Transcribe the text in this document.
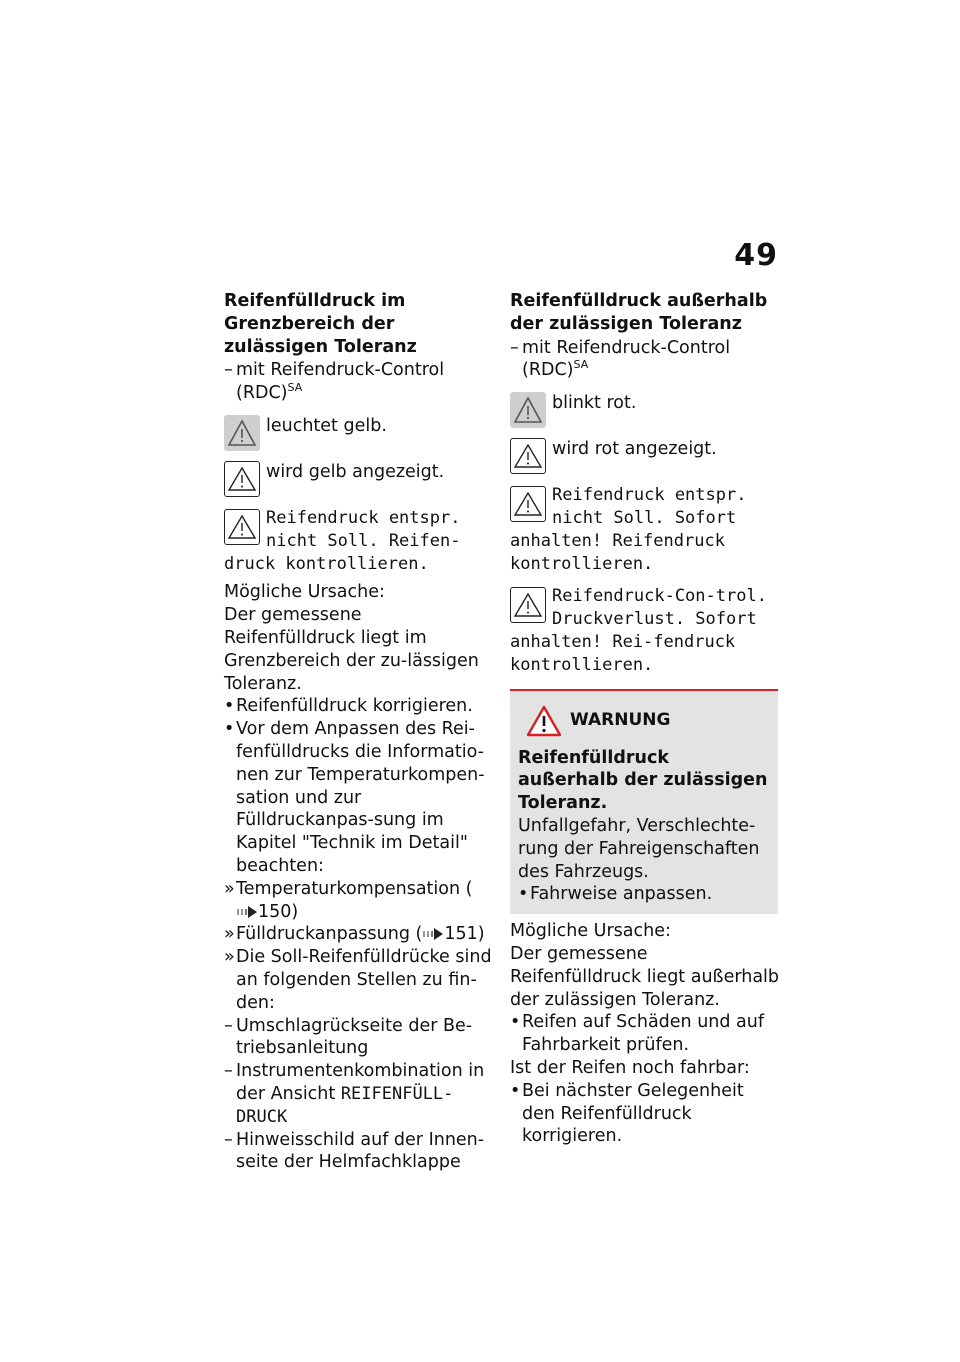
49
Reifenfülldruck im Grenzbereich der zulässigen Toleranz
– mit Reifendruck-Control (RDC)$^{SA}$
leuchtet gelb.
wird gelb angezeigt.
Reifendruck entspr. nicht Soll. Reifen-druck kontrollieren.
Mögliche Ursache:
Der gemessene Reifenfülldruck liegt im Grenzbereich der zu-lässigen Toleranz.
• Reifenfülldruck korrigieren.
• Vor dem Anpassen des Rei-fenfülldrucks die Informatio-nen zur Temperaturkompen-sation und zur Fülldruckanpas-sung im Kapitel "Technik im Detail" beachten:
» Temperaturkompensation (150)
» Fülldruckanpassung ( 151)
» Die Soll-Reifenfülldrücke sind an folgenden Stellen zu fin-den:
– Umschlagrückseite der Be-triebsanleitung
– Instrumentenkombination in der Ansicht REIFENFÜLL-DRUCK
– Hinweisschild auf der Innen-seite der Helmfachklappe
Reifenfülldruck außerhalb der zulässigen Toleranz
– mit Reifendruck-Control (RDC)$^{SA}$
blinkt rot.
wird rot angezeigt.
Reifendruck entspr. nicht Soll. Sofort anhalten! Reifendruck kontrollieren.
Reifendruck-Con-trol. Druckverlust. Sofort anhalten! Rei-fendruck kontrollieren.
WARNUNG
Reifenfülldruck außerhalb der zulässigen Toleranz.
Unfallgefahr, Verschlechte-rung der Fahreigenschaften des Fahrzeugs.
• Fahrweise anpassen.
Mögliche Ursache:
Der gemessene Reifenfülldruck liegt außerhalb der zulässigen Toleranz.
• Reifen auf Schäden und auf Fahrbarkeit prüfen.
Ist der Reifen noch fahrbar:
• Bei nächster Gelegenheit den Reifenfülldruck korrigieren.
